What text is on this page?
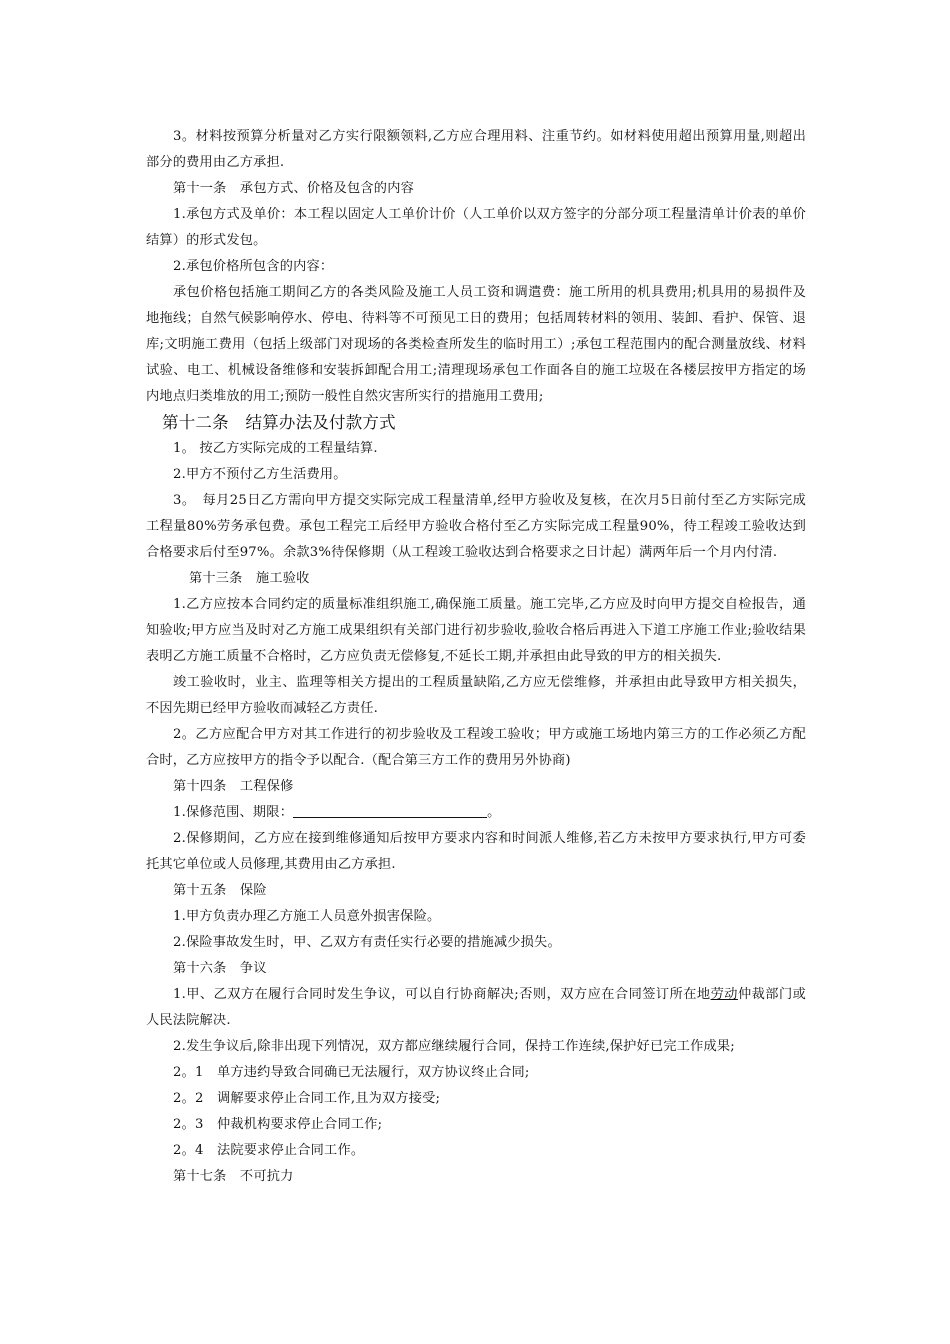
3。材料按预算分析量对乙方实行限额领料,乙方应合理用料、注重节约。如材料使用超出预算用量,则超出部分的费用由乙方承担.

第十一条　承包方式、价格及包含的内容

1.承包方式及单价：本工程以固定人工单价计价（人工单价以双方签字的分部分项工程量清单计价表的单价结算）的形式发包。

2.承包价格所包含的内容：

承包价格包括施工期间乙方的各类风险及施工人员工资和调遣费：施工所用的机具费用;机具用的易损件及地拖线；自然气候影响停水、停电、待料等不可预见工日的费用；包括周转材料的领用、装卸、看护、保管、退库;文明施工费用（包括上级部门对现场的各类检查所发生的临时用工）;承包工程范围内的配合测量放线、材料试验、电工、机械设备维修和安装拆卸配合用工;清理现场承包工作面各自的施工垃圾在各楼层按甲方指定的场内地点归类堆放的用工;预防一般性自然灾害所实行的措施用工费用;

第十二条　结算办法及付款方式

1。 按乙方实际完成的工程量结算.

2.甲方不预付乙方生活费用。

3。　每月25日乙方需向甲方提交实际完成工程量清单,经甲方验收及复核，在次月5日前付至乙方实际完成工程量80%劳务承包费。承包工程完工后经甲方验收合格付至乙方实际完成工程量90%，待工程竣工验收达到合格要求后付至97%。余款3%待保修期（从工程竣工验收达到合格要求之日计起）满两年后一个月内付清.

第十三条　施工验收

1.乙方应按本合同约定的质量标准组织施工,确保施工质量。施工完毕,乙方应及时向甲方提交自检报告，通知验收;甲方应当及时对乙方施工成果组织有关部门进行初步验收,验收合格后再进入下道工序施工作业;验收结果表明乙方施工质量不合格时，乙方应负责无偿修复,不延长工期,并承担由此导致的甲方的相关损失.

竣工验收时，业主、监理等相关方提出的工程质量缺陷,乙方应无偿维修，并承担由此导致甲方相关损失，不因先期已经甲方验收而减轻乙方责任.

2。乙方应配合甲方对其工作进行的初步验收及工程竣工验收；甲方或施工场地内第三方的工作必须乙方配合时，乙方应按甲方的指令予以配合.（配合第三方工作的费用另外协商)

第十四条　工程保修

1.保修范围、期限：	。

2.保修期间，乙方应在接到维修通知后按甲方要求内容和时间派人维修,若乙方未按甲方要求执行,甲方可委托其它单位或人员修理,其费用由乙方承担.

第十五条　保险

1.甲方负责办理乙方施工人员意外损害保险。

2.保险事故发生时，甲、乙双方有责任实行必要的措施减少损失。

第十六条　争议

1.甲、乙双方在履行合同时发生争议，可以自行协商解决;否则，双方应在合同签订所在地劳动仲裁部门或人民法院解决.

2.发生争议后,除非出现下列情况，双方都应继续履行合同，保持工作连续,保护好已完工作成果;

2。1　单方违约导致合同确已无法履行，双方协议终止合同;

2。2　调解要求停止合同工作,且为双方接受;

2。3　仲裁机构要求停止合同工作;

2。4　法院要求停止合同工作。

第十七条　不可抗力
